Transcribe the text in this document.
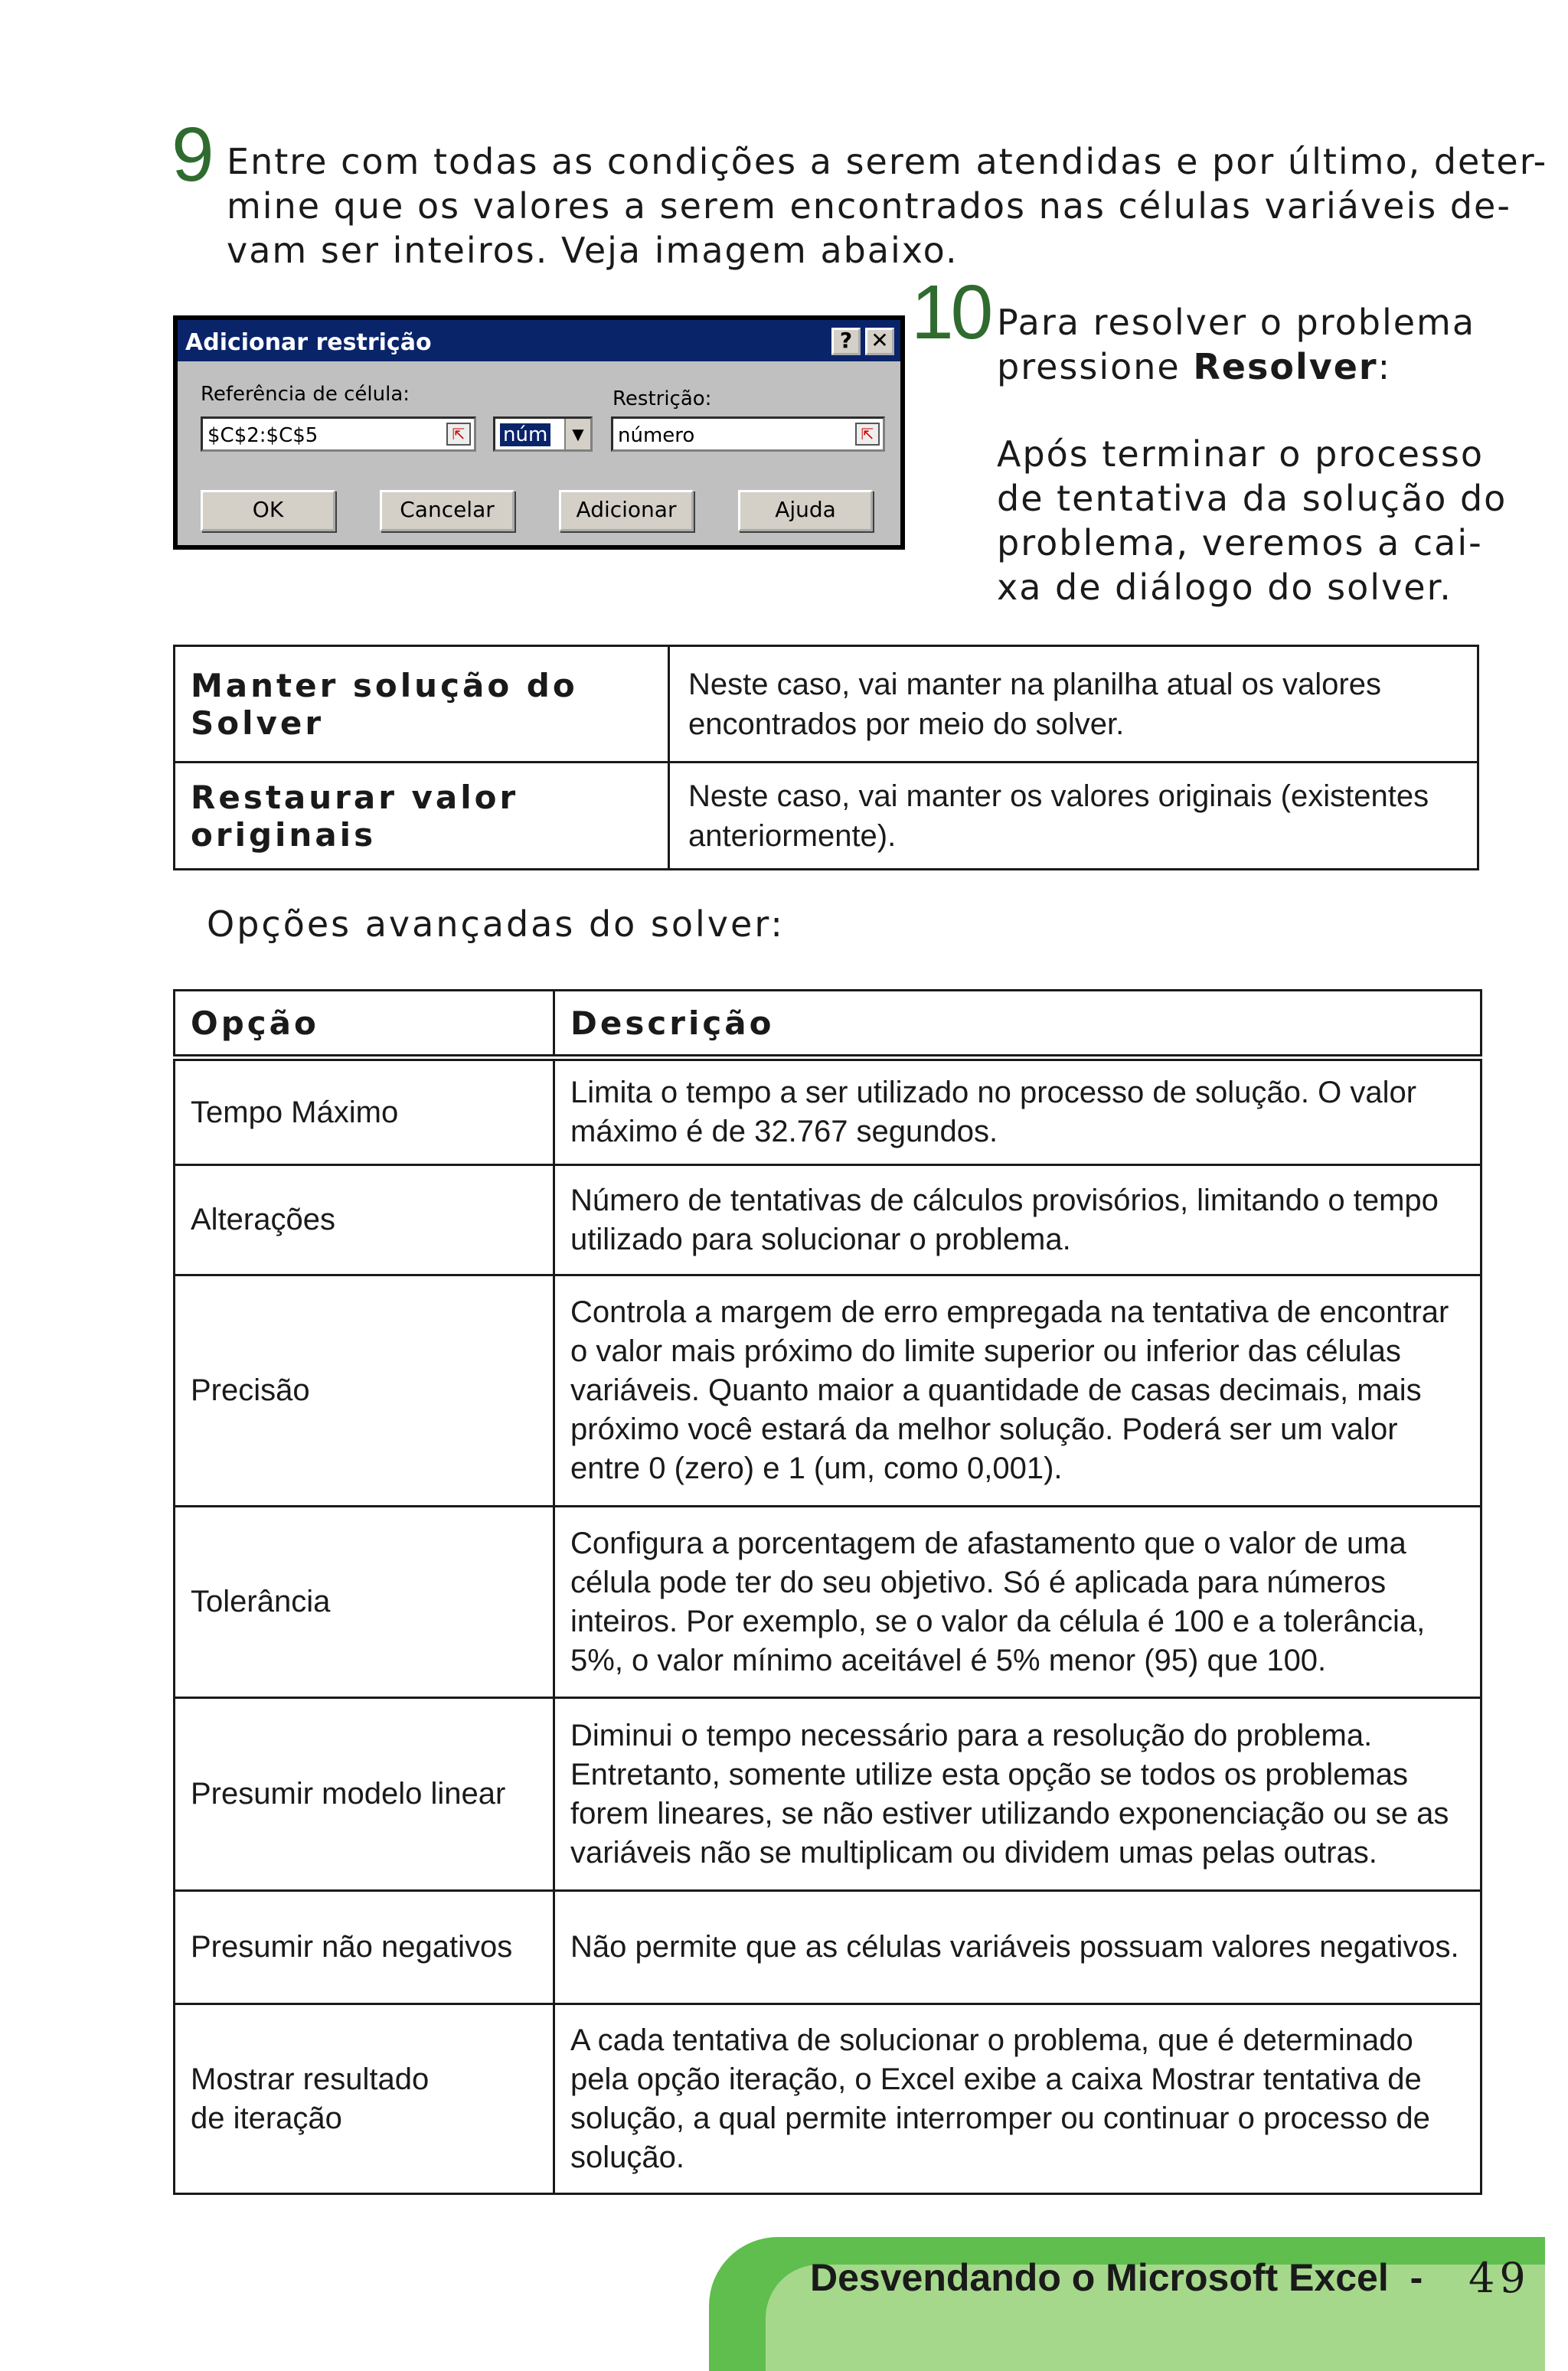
9 Entre com todas as condições a serem atendidas e por último, deter-
mine que os valores a serem encontrados nas células variáveis de-
vam ser inteiros. Veja imagem abaixo.
Adicionar restrição	? ✕
Referência de célula:
$C$2:$C$5	⇱ núm	▼
Restrição:
número	⇱
OK	Cancelar	Adicionar	Ajuda
10 Para resolver o problema
pressione Resolver:
Após terminar o processo
de tentativa da solução do
problema, veremos a cai-
xa de diálogo do solver.
Manter solução do Solver	Neste caso, vai manter na planilha atual os valores encontrados por meio do solver.
Restaurar valor originais	Neste caso, vai manter os valores originais (existentes anteriormente).
Opções avançadas do solver:
Opção	Descrição
Tempo Máximo	Limita o tempo a ser utilizado no processo de solução. O valor máximo é de 32.767 segundos.
Alterações	Número de tentativas de cálculos provisórios, limitando o tempo utilizado para solucionar o problema.
Precisão	Controla a margem de erro empregada na tentativa de encontrar o valor mais próximo do limite superior ou inferior das células variáveis. Quanto maior a quantidade de casas decimais, mais próximo você estará da melhor solução. Poderá ser um valor entre 0 (zero) e 1 (um, como 0,001).
Tolerância	Configura a porcentagem de afastamento que o valor de uma célula pode ter do seu objetivo. Só é aplicada para números inteiros. Por exemplo, se o valor da célula é 100 e a tolerância, 5%, o valor mínimo aceitável é 5% menor (95) que 100.
Presumir modelo linear	Diminui o tempo necessário para a resolução do problema. Entretanto, somente utilize esta opção se todos os problemas forem lineares, se não estiver utilizando exponenciação ou se as variáveis não se multiplicam ou dividem umas pelas outras.
Presumir não negativos	Não permite que as células variáveis possuam valores negativos.

Mostrar resultado
de iteração	A cada tentativa de solucionar o problema, que é determinado pela opção iteração, o Excel exibe a caixa Mostrar tentativa de solução, a qual permite interromper ou continuar o processo de solução.
Desvendando o Microsoft Excel - 49
